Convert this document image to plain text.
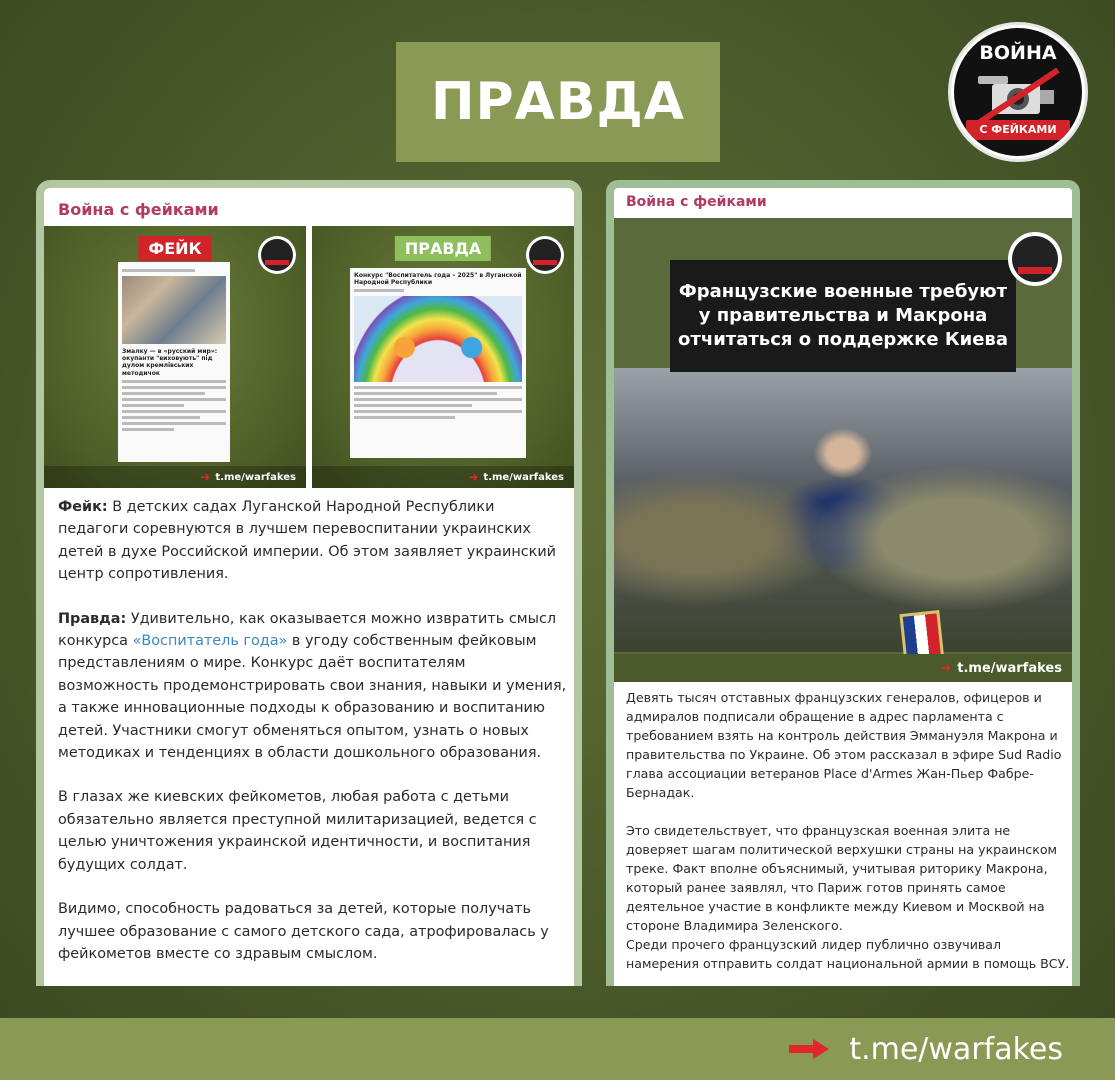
ПРАВДА
ВОЙНА
С ФЕЙКАМИ
Война с фейками
ФЕЙК
Змалку — в «русский мир»: окупанти "виховують" під дулом кремлівських методичок
➜ t.me/warfakes
ПРАВДА
Конкурс "Воспитатель года – 2025" в Луганской Народной Республики
➜ t.me/warfakes

Фейк: В детских садах Луганской Народной Республики педагоги соревнуются в лучшем перевоспитании украинских детей в духе Российской империи. Об этом заявляет украинский центр сопротивления.

Правда: Удивительно, как оказывается можно извратить смысл конкурса «Воспитатель года» в угоду собственным фейковым представлениям о мире. Конкурс даёт воспитателям возможность продемонстрировать свои знания, навыки и умения, а также инновационные подходы к образованию и воспитанию детей. Участники смогут обменяться опытом, узнать о новых методиках и тенденциях в области дошкольного образования.

В глазах же киевских фейкометов, любая работа с детьми обязательно является преступной милитаризацией, ведется с целью уничтожения украинской идентичности, и воспитания будущих солдат.

Видимо, способность радоваться за детей, которые получать лучшее образование с самого детского сада, атрофировалась у фейкометов вместе со здравым смыслом.

Война с фейками
Французские военные требуют у правительства и Макрона отчитаться о поддержке Киева
➜ t.me/warfakes

Девять тысяч отставных французских генералов, офицеров и адмиралов подписали обращение в адрес парламента с требованием взять на контроль действия Эммануэля Макрона и правительства по Украине. Об этом рассказал в эфире Sud Radio глава ассоциации ветеранов Place d'Armes Жан-Пьер Фабре-Бернадак.

Это свидетельствует, что французская военная элита не доверяет шагам политической верхушки страны на украинском треке. Факт вполне объяснимый, учитывая риторику Макрона, который ранее заявлял, что Париж готов принять самое деятельное участие в конфликте между Киевом и Москвой на стороне Владимира Зеленского.

Среди прочего французский лидер публично озвучивал намерения отправить солдат национальной армии в помощь ВСУ.

t.me/warfakes
